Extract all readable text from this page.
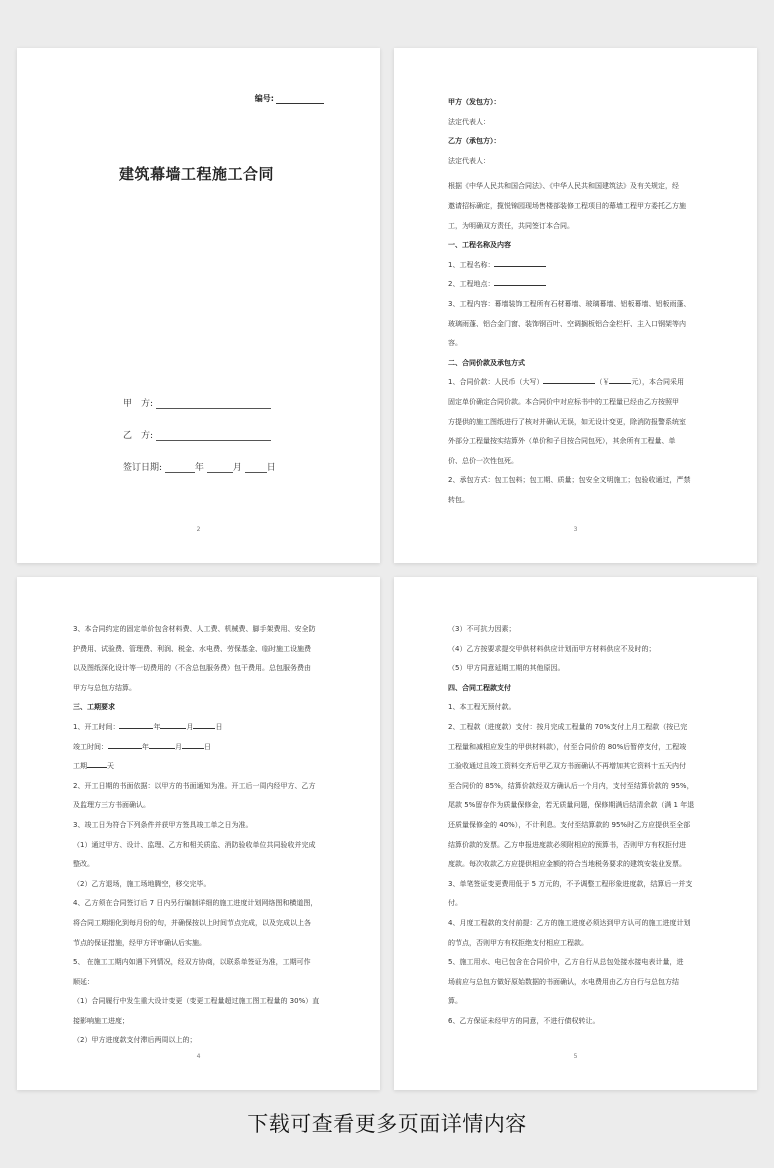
编号:
建筑幕墙工程施工合同
甲　方:
乙　方:
签订日期:	年	月	日
2

甲方（发包方）：

法定代表人：

乙方（承包方）：

法定代表人：

根据《中华人民共和国合同法》、《中华人民共和国建筑法》及有关规定，经

邀请招标确定，揽悦锦园现场售楼部装修工程项目的幕墙工程甲方委托乙方施

工，为明确双方责任，共同签订本合同。

一、工程名称及内容

1、工程名称：

2、工程地点：

3、工程内容：幕墙装饰工程所有石材幕墙、玻璃幕墙、铝板幕墙、铝板雨蓬、

玻璃雨蓬、铝合金门窗、装饰钢百叶、空调搁板铝合金栏杆、主入口钢架等内

容。

二、合同价款及承包方式

1、合同价款：人民币（大写）	（￥	元），本合同采用

固定单价确定合同价款。本合同价中对应标书中的工程量已经由乙方按照甲

方提供的施工图纸进行了核对并确认无误，如无设计变更，除消防报警系统室

外部分工程量按实结算外（单价和子目按合同包死），其余所有工程量、单

价、总价一次性包死。

2、承包方式：包工包料；包工期、质量；包安全文明施工；包验收通过，严禁

转包。

3

3、本合同约定的固定单价包含材料费、人工费、机械费、脚手架费用、安全防

护费用、试验费、管理费、利润、税金、水电费、劳保基金、临时施工设施费

以及图纸深化设计等一切费用的（不含总包服务费）包干费用。总包服务费由

甲方与总包方结算。

三、工期要求

1、开工时间：	年	月	日

竣工时间：	年	月	日

工期	天

2、开工日期的书面依据：以甲方的书面通知为准。开工后一周内经甲方、乙方

及监理方三方书面确认。

3、竣工日为符合下列条件并获甲方签具竣工单之日为准。

（1）通过甲方、设计、监理、乙方和相关质监、消防验收单位共同验收并完成

整改。

（2）乙方退场，施工场地腾空，移交完毕。

4、乙方须在合同签订后 7 日内另行编制详细的施工进度计划网络图和横道图，

将合同工期细化到每月份的旬，并确保按以上时间节点完成，以及完成以上各

节点的保证措施，经甲方评审确认后实施。

5、 在施工工期内如遇下列情况，经双方协商，以联系单签证为准，工期可作

顺延：

（1）合同履行中发生重大设计变更（变更工程量超过施工图工程量的 30%）直

接影响施工进度；

（2）甲方进度款支付滞后两周以上的；

4

（3）不可抗力因素；

（4）乙方按要求提交甲供材料供应计划而甲方材料供应不及时的；

（5）甲方同意延期工期的其他原因。

四、合同工程款支付

1、本工程无预付款。

2、工程款（进度款）支付：按月完成工程量的 70%支付上月工程款（按已完

工程量和减相应发生的甲供材料款），付至合同价的 80%后暂停支付，工程竣

工验收通过且竣工资料交齐后甲乙双方书面确认不再增加其它资料十五天内付

至合同价的 85%，结算价款经双方确认后一个月内，支付至结算价款的 95%，

尾款 5%留存作为质量保修金，若无质量问题，保修期满后结清余款（满 1 年退

还质量保修金的 40%），不计利息。支付至结算款的 95%时乙方应提供至全部

结算价款的发票。乙方申报进度款必须附相应的预算书，否则甲方有权拒付进

度款。每次收款乙方应提供相应金额的符合当地税务要求的建筑安装业发票。

3、单笔签证变更费用低于 5 万元的，不予调整工程形象进度款，结算后一并支

付。

4、月度工程款的支付前提：乙方的施工进度必须达到甲方认可的施工进度计划

的节点，否则甲方有权拒绝支付相应工程款。

5、施工用水、电已包含在合同价中，乙方自行从总包处接水接电表计量，进

场前应与总包方做好原始数据的书面确认，水电费用由乙方自行与总包方结

算。

6、乙方保证未经甲方的同意，不进行债权转让。

5
下载可查看更多页面详情内容
